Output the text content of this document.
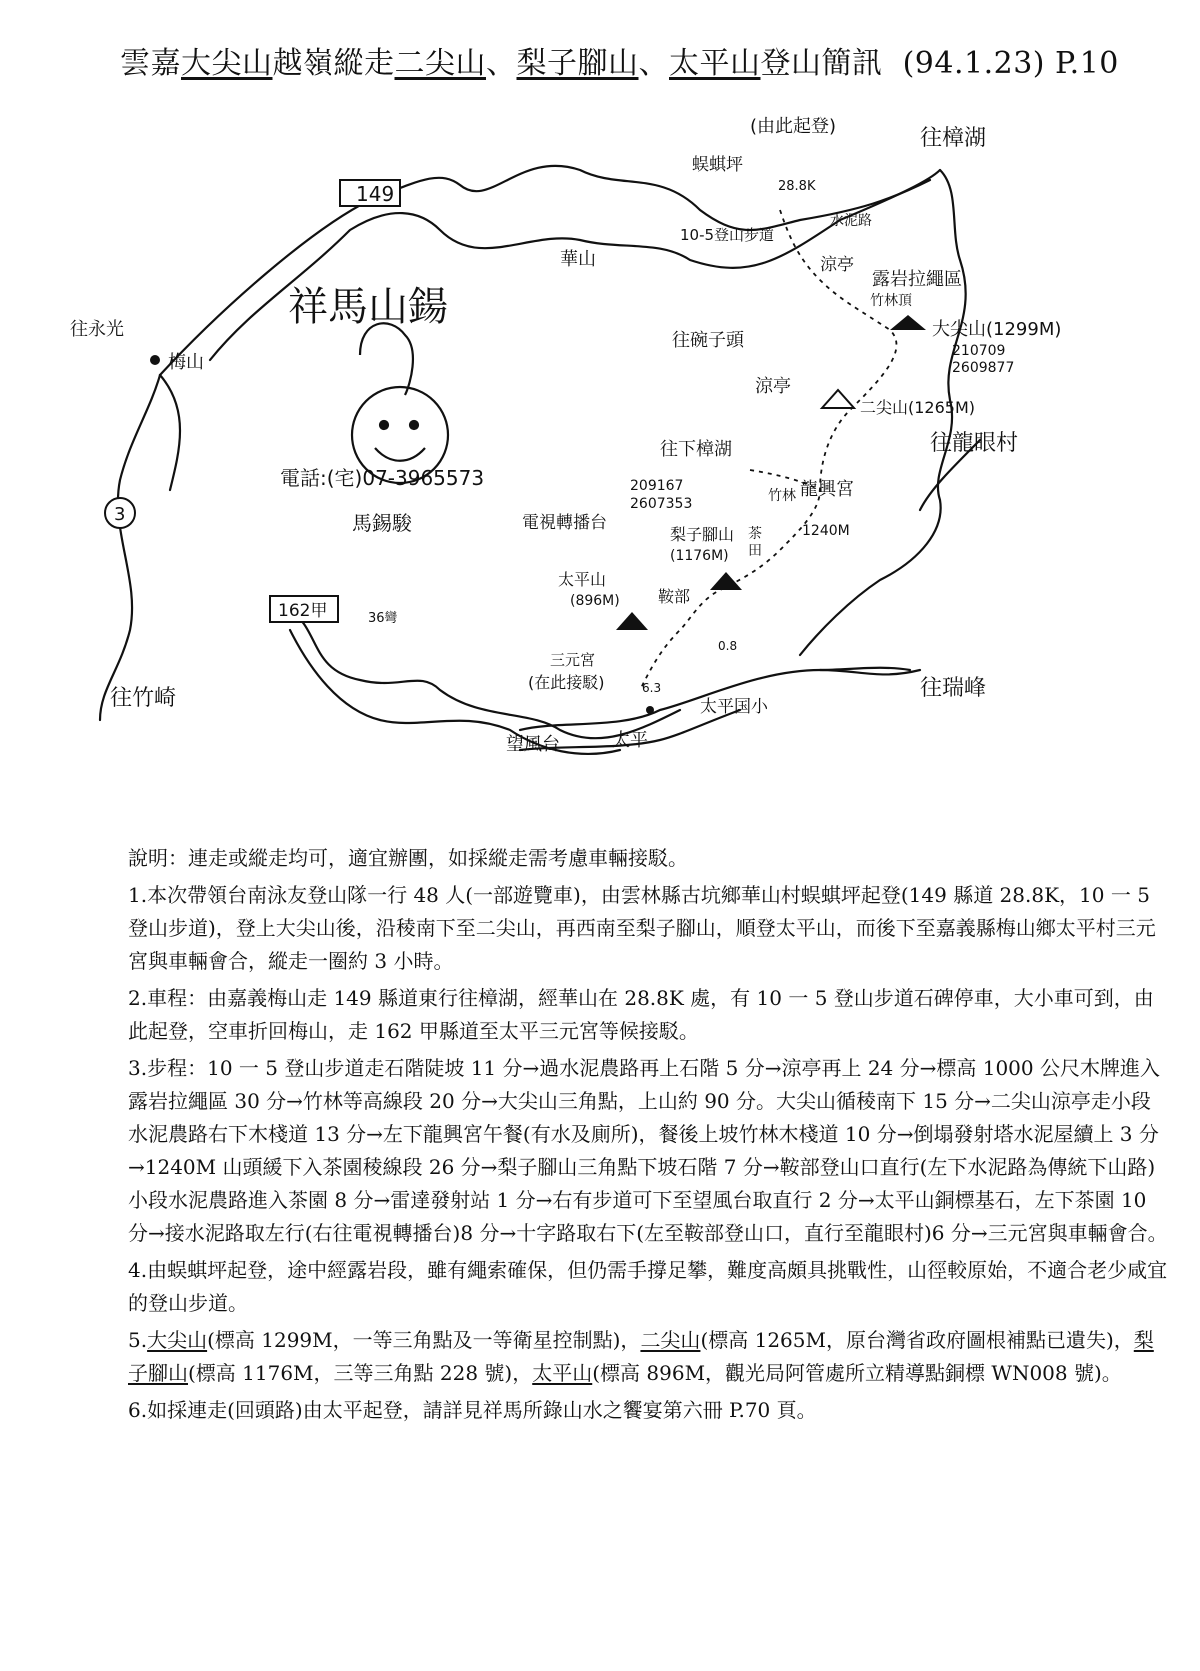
雲嘉大尖山越嶺縱走二尖山、梨子腳山、太平山登山簡訊 (94.1.23) P.10
149
162甲
3
(由此起登)	往樟湖
蜈蜞坪
28.8K
10-5登山步道
水泥路
涼亭
露岩拉繩區
竹林頂
大尖山(1299M)
210709
2609877
往碗子頭
涼亭
二尖山(1265M)
往龍眼村
華山
往永光
梅山
祥馬山鍚
電話:(宅)07-3965573
馬錫駿
往下樟湖
209167
2607353
電視轉播台
梨子腳山
(1176M)
竹林
茶
田
1240M
龍興宮
太平山
(896M) 鞍部
36彎
三元宮
(在此接駁)	6.3
0.8
太平国小
往竹崎	往瑞峰
望風台	太平

說明：連走或縱走均可，適宜辦團，如採縱走需考慮車輛接駁。

1.本次帶領台南泳友登山隊一行 48 人(一部遊覽車)，由雲林縣古坑鄉華山村蜈蜞坪起登(149 縣道 28.8K，10 一 5 登山步道)，登上大尖山後，沿稜南下至二尖山，再西南至梨子腳山，順登太平山，而後下至嘉義縣梅山鄉太平村三元宮與車輛會合，縱走一圈約 3 小時。

2.車程：由嘉義梅山走 149 縣道東行往樟湖，經華山在 28.8K 處，有 10 一 5 登山步道石碑停車，大小車可到，由此起登，空車折回梅山，走 162 甲縣道至太平三元宮等候接駁。

3.步程：10 一 5 登山步道走石階陡坡 11 分→過水泥農路再上石階 5 分→涼亭再上 24 分→標高 1000 公尺木牌進入露岩拉繩區 30 分→竹林等高線段 20 分→大尖山三角點，上山約 90 分。大尖山循稜南下 15 分→二尖山涼亭走小段水泥農路右下木棧道 13 分→左下龍興宮午餐(有水及廁所)，餐後上坡竹林木棧道 10 分→倒塌發射塔水泥屋續上 3 分→1240M 山頭緩下入茶園稜線段 26 分→梨子腳山三角點下坡石階 7 分→鞍部登山口直行(左下水泥路為傳統下山路)小段水泥農路進入茶園 8 分→雷達發射站 1 分→右有步道可下至望風台取直行 2 分→太平山銅標基石，左下茶園 10 分→接水泥路取左行(右往電視轉播台)8 分→十字路取右下(左至鞍部登山口，直行至龍眼村)6 分→三元宮與車輛會合。

4.由蜈蜞坪起登，途中經露岩段，雖有繩索確保，但仍需手撐足攀，難度高頗具挑戰性，山徑較原始，不適合老少咸宜的登山步道。

5.大尖山(標高 1299M，一等三角點及一等衛星控制點)，二尖山(標高 1265M，原台灣省政府圖根補點已遺失)，梨子腳山(標高 1176M，三等三角點 228 號)，太平山(標高 896M，觀光局阿管處所立精導點銅標 WN008 號)。

6.如採連走(回頭路)由太平起登，請詳見祥馬所錄山水之饗宴第六冊 P.70 頁。
